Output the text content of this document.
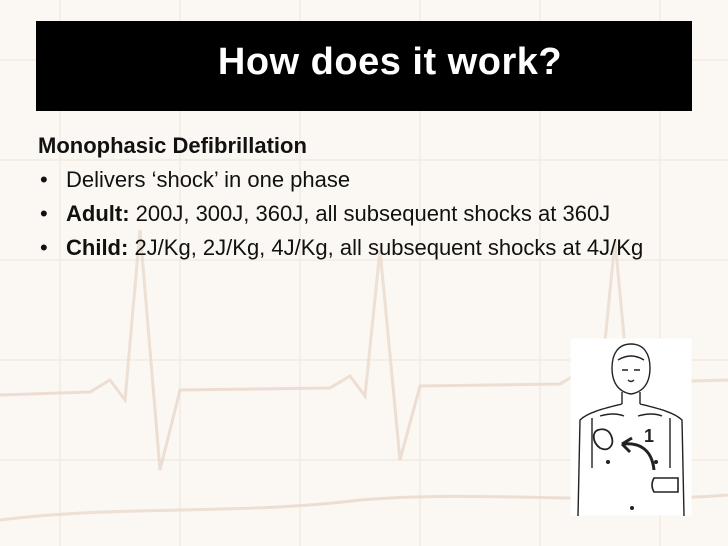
How does it work?
Monophasic Defibrillation
• Delivers ‘shock’ in one phase
• Adult: 200J, 300J, 360J, all subsequent shocks at 360J
• Child: 2J/Kg, 2J/Kg, 4J/Kg, all subsequent shocks at 4J/Kg
1
